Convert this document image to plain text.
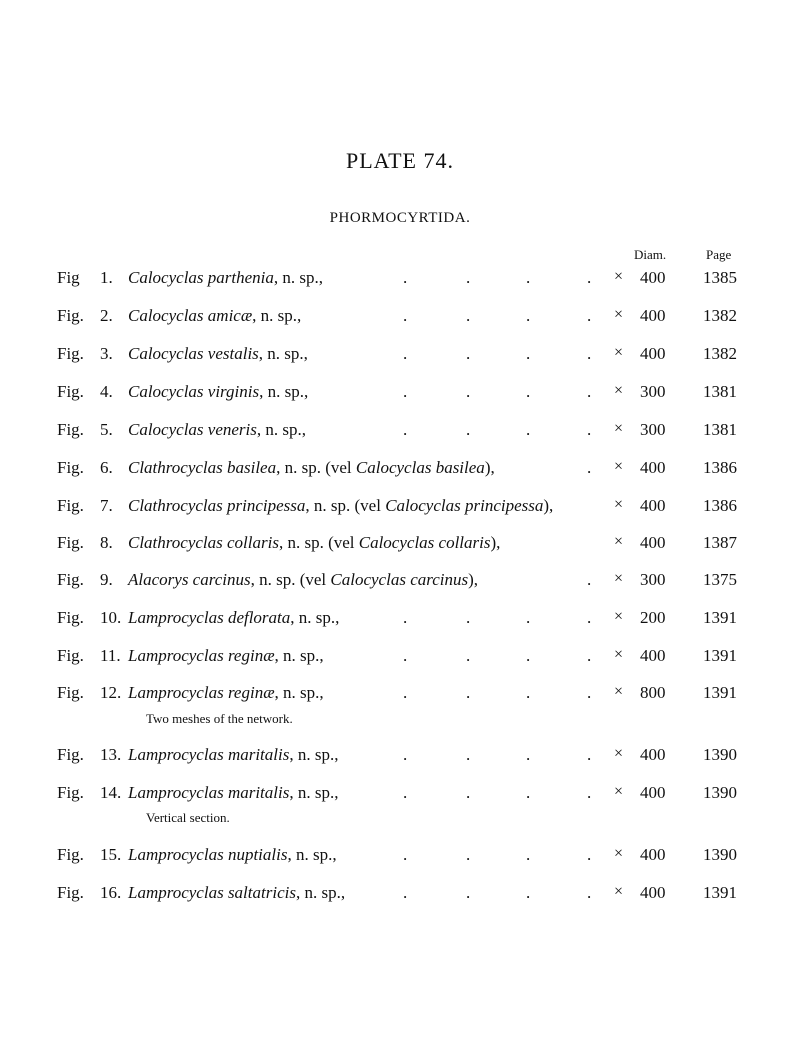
PLATE 74.
PHORMOCYRTIDA.
Diam.	Page
Fig 1. Calocyclas parthenia, n. sp.,	.	.	.	. × 400 1385
Fig. 2. Calocyclas amicæ, n. sp.,	.	.	.	. × 400 1382
Fig. 3. Calocyclas vestalis, n. sp.,	.	.	.	. × 400 1382
Fig. 4. Calocyclas virginis, n. sp.,	.	.	.	. × 300 1381
Fig. 5. Calocyclas veneris, n. sp.,	.	.	.	. × 300 1381
Fig. 6. Clathrocyclas basilea, n. sp. (vel Calocyclas basilea),	. × 400 1386
Fig. 7. Clathrocyclas principessa, n. sp. (vel Calocyclas principessa),	× 400 1386
Fig. 8. Clathrocyclas collaris, n. sp. (vel Calocyclas collaris),	× 400 1387
Fig. 9. Alacorys carcinus, n. sp. (vel Calocyclas carcinus),	. × 300 1375
Fig. 10. Lamprocyclas deflorata, n. sp.,	.	.	.	. × 200 1391
Fig. 11. Lamprocyclas reginæ, n. sp.,	.	.	.	. × 400 1391
Fig. 12. Lamprocyclas reginæ, n. sp.,	.	.	.	. × 800 1391
Two meshes of the network.
Fig. 13. Lamprocyclas maritalis, n. sp.,	.	.	.	. × 400 1390
Fig. 14. Lamprocyclas maritalis, n. sp.,	.	.	.	. × 400 1390
Vertical section.
Fig. 15. Lamprocyclas nuptialis, n. sp.,	.	.	.	. × 400 1390
Fig. 16. Lamprocyclas saltatricis, n. sp.,	.	.	.	. × 400 1391
